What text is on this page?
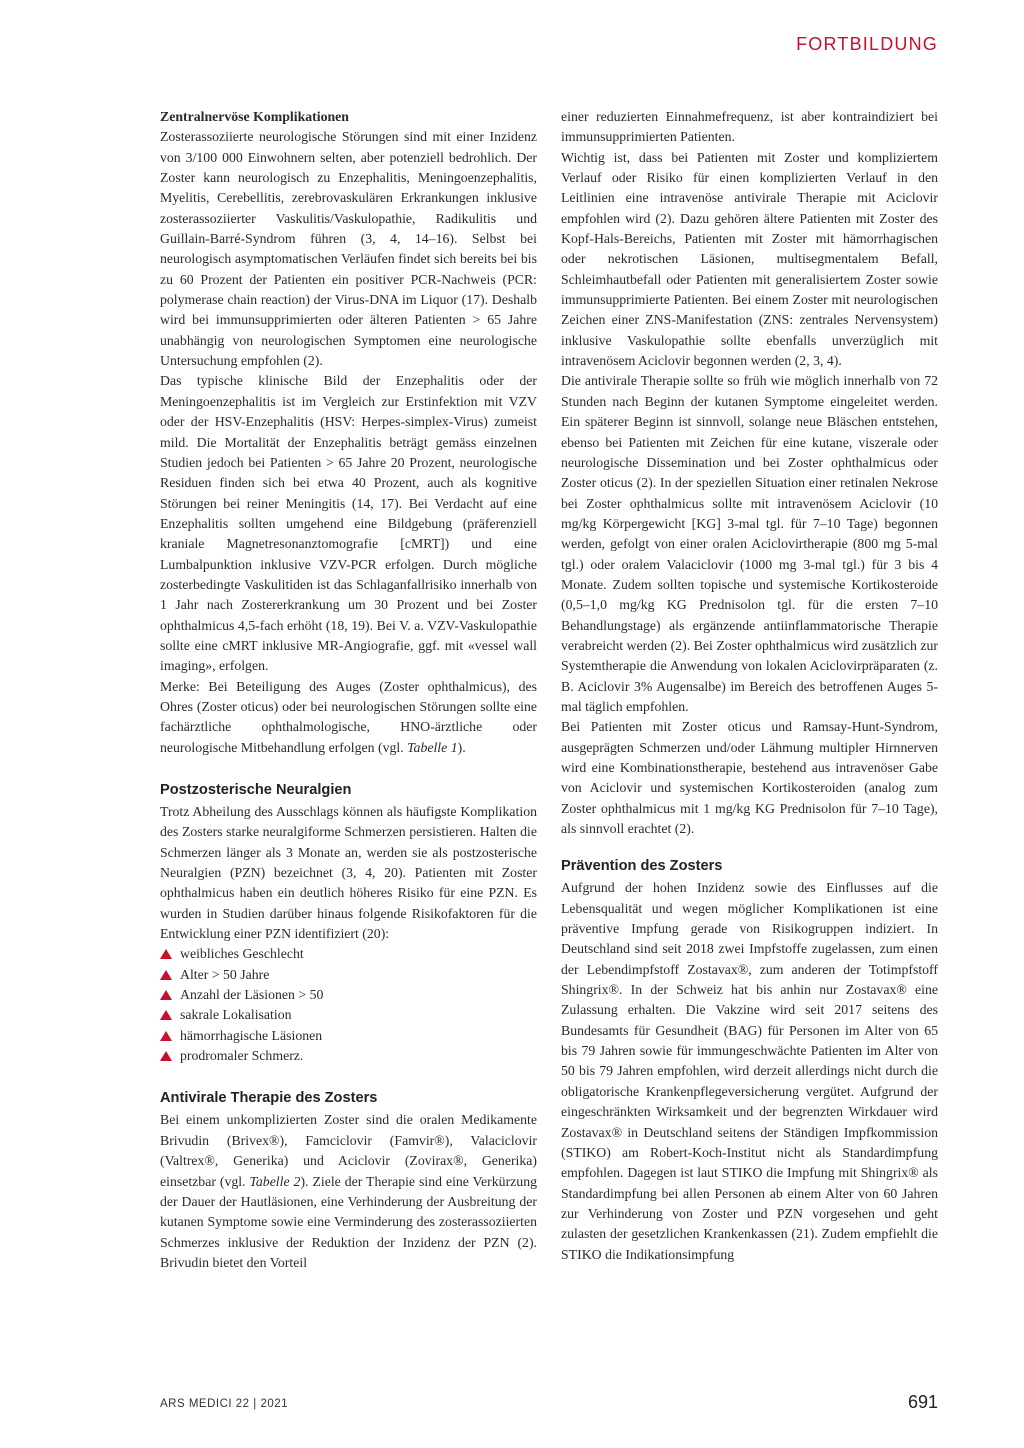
FORTBILDUNG

Zentralnervöse Komplikationen

Zosterassoziierte neurologische Störungen sind mit einer Inzidenz von 3/100 000 Einwohnern selten, aber potenziell bedrohlich. Der Zoster kann neurologisch zu Enzephalitis, Meningoenzephalitis, Myelitis, Cerebellitis, zerebrovaskulären Erkrankungen inklusive zosterassoziierter Vaskulitis/Vaskulopathie, Radikulitis und Guillain-Barré-Syndrom führen (3, 4, 14–16). Selbst bei neurologisch asymptomatischen Verläufen findet sich bereits bei bis zu 60 Prozent der Patienten ein positiver PCR-Nachweis (PCR: polymerase chain reaction) der Virus-DNA im Liquor (17). Deshalb wird bei immunsupprimierten oder älteren Patienten > 65 Jahre unabhängig von neurologischen Symptomen eine neurologische Untersuchung empfohlen (2).

Das typische klinische Bild der Enzephalitis oder der Meningoenzephalitis ist im Vergleich zur Erstinfektion mit VZV oder der HSV-Enzephalitis (HSV: Herpes-simplex-Virus) zumeist mild. Die Mortalität der Enzephalitis beträgt gemäss einzelnen Studien jedoch bei Patienten > 65 Jahre 20 Prozent, neurologische Residuen finden sich bei etwa 40 Prozent, auch als kognitive Störungen bei reiner Meningitis (14, 17). Bei Verdacht auf eine Enzephalitis sollten umgehend eine Bildgebung (präferenziell kraniale Magnetresonanztomografie [cMRT]) und eine Lumbalpunktion inklusive VZV-PCR erfolgen. Durch mögliche zosterbedingte Vaskulitiden ist das Schlaganfallrisiko innerhalb von 1 Jahr nach Zostererkrankung um 30 Prozent und bei Zoster ophthalmicus 4,5-fach erhöht (18, 19). Bei V. a. VZV-Vaskulopathie sollte eine cMRT inklusive MR-Angiografie, ggf. mit «vessel wall imaging», erfolgen.

Merke: Bei Beteiligung des Auges (Zoster ophthalmicus), des Ohres (Zoster oticus) oder bei neurologischen Störungen sollte eine fachärztliche ophthalmologische, HNO-ärztliche oder neurologische Mitbehandlung erfolgen (vgl. Tabelle 1).

Postzosterische Neuralgien

Trotz Abheilung des Ausschlags können als häufigste Komplikation des Zosters starke neuralgiforme Schmerzen persistieren. Halten die Schmerzen länger als 3 Monate an, werden sie als postzosterische Neuralgien (PZN) bezeichnet (3, 4, 20). Patienten mit Zoster ophthalmicus haben ein deutlich höheres Risiko für eine PZN. Es wurden in Studien darüber hinaus folgende Risikofaktoren für die Entwicklung einer PZN identifiziert (20):

weibliches Geschlecht
Alter > 50 Jahre
Anzahl der Läsionen > 50
sakrale Lokalisation
hämorrhagische Läsionen
prodromaler Schmerz.
Antivirale Therapie des Zosters

Bei einem unkomplizierten Zoster sind die oralen Medikamente Brivudin (Brivex®), Famciclovir (Famvir®), Valaciclovir (Valtrex®, Generika) und Aciclovir (Zovirax®, Generika) einsetzbar (vgl. Tabelle 2). Ziele der Therapie sind eine Verkürzung der Dauer der Hautläsionen, eine Verhinderung der Ausbreitung der kutanen Symptome sowie eine Verminderung des zosterassoziierten Schmerzes inklusive der Reduktion der Inzidenz der PZN (2). Brivudin bietet den Vorteil

einer reduzierten Einnahmefrequenz, ist aber kontraindiziert bei immunsupprimierten Patienten.

Wichtig ist, dass bei Patienten mit Zoster und kompliziertem Verlauf oder Risiko für einen komplizierten Verlauf in den Leitlinien eine intravenöse antivirale Therapie mit Aciclovir empfohlen wird (2). Dazu gehören ältere Patienten mit Zoster des Kopf-Hals-Bereichs, Patienten mit Zoster mit hämorrhagischen oder nekrotischen Läsionen, multisegmentalem Befall, Schleimhautbefall oder Patienten mit generalisiertem Zoster sowie immunsupprimierte Patienten. Bei einem Zoster mit neurologischen Zeichen einer ZNS-Manifestation (ZNS: zentrales Nervensystem) inklusive Vaskulopathie sollte ebenfalls unverzüglich mit intravenösem Aciclovir begonnen werden (2, 3, 4).

Die antivirale Therapie sollte so früh wie möglich innerhalb von 72 Stunden nach Beginn der kutanen Symptome eingeleitet werden. Ein späterer Beginn ist sinnvoll, solange neue Bläschen entstehen, ebenso bei Patienten mit Zeichen für eine kutane, viszerale oder neurologische Dissemination und bei Zoster ophthalmicus oder Zoster oticus (2). In der speziellen Situation einer retinalen Nekrose bei Zoster ophthalmicus sollte mit intravenösem Aciclovir (10 mg/kg Körpergewicht [KG] 3-mal tgl. für 7–10 Tage) begonnen werden, gefolgt von einer oralen Aciclovirtherapie (800 mg 5-mal tgl.) oder oralem Valaciclovir (1000 mg 3-mal tgl.) für 3 bis 4 Monate. Zudem sollten topische und systemische Kortikosteroide (0,5–1,0 mg/kg KG Prednisolon tgl. für die ersten 7–10 Behandlungstage) als ergänzende antiinflammatorische Therapie verabreicht werden (2). Bei Zoster ophthalmicus wird zusätzlich zur Systemtherapie die Anwendung von lokalen Aciclovirpräparaten (z. B. Aciclovir 3% Augensalbe) im Bereich des betroffenen Auges 5-mal täglich empfohlen.

Bei Patienten mit Zoster oticus und Ramsay-Hunt-Syndrom, ausgeprägten Schmerzen und/oder Lähmung multipler Hirnnerven wird eine Kombinationstherapie, bestehend aus intravenöser Gabe von Aciclovir und systemischen Kortikosteroiden (analog zum Zoster ophthalmicus mit 1 mg/kg KG Prednisolon für 7–10 Tage), als sinnvoll erachtet (2).

Prävention des Zosters

Aufgrund der hohen Inzidenz sowie des Einflusses auf die Lebensqualität und wegen möglicher Komplikationen ist eine präventive Impfung gerade von Risikogruppen indiziert. In Deutschland sind seit 2018 zwei Impfstoffe zugelassen, zum einen der Lebendimpfstoff Zostavax®, zum anderen der Totimpfstoff Shingrix®. In der Schweiz hat bis anhin nur Zostavax® eine Zulassung erhalten. Die Vakzine wird seit 2017 seitens des Bundesamts für Gesundheit (BAG) für Personen im Alter von 65 bis 79 Jahren sowie für immungeschwächte Patienten im Alter von 50 bis 79 Jahren empfohlen, wird derzeit allerdings nicht durch die obligatorische Krankenpflegeversicherung vergütet. Aufgrund der eingeschränkten Wirksamkeit und der begrenzten Wirkdauer wird Zostavax® in Deutschland seitens der Ständigen Impfkommission (STIKO) am Robert-Koch-Institut nicht als Standardimpfung empfohlen. Dagegen ist laut STIKO die Impfung mit Shingrix® als Standardimpfung bei allen Personen ab einem Alter von 60 Jahren zur Verhinderung von Zoster und PZN vorgesehen und geht zulasten der gesetzlichen Krankenkassen (21). Zudem empfiehlt die STIKO die Indikationsimpfung

ARS MEDICI 22 | 2021	691
